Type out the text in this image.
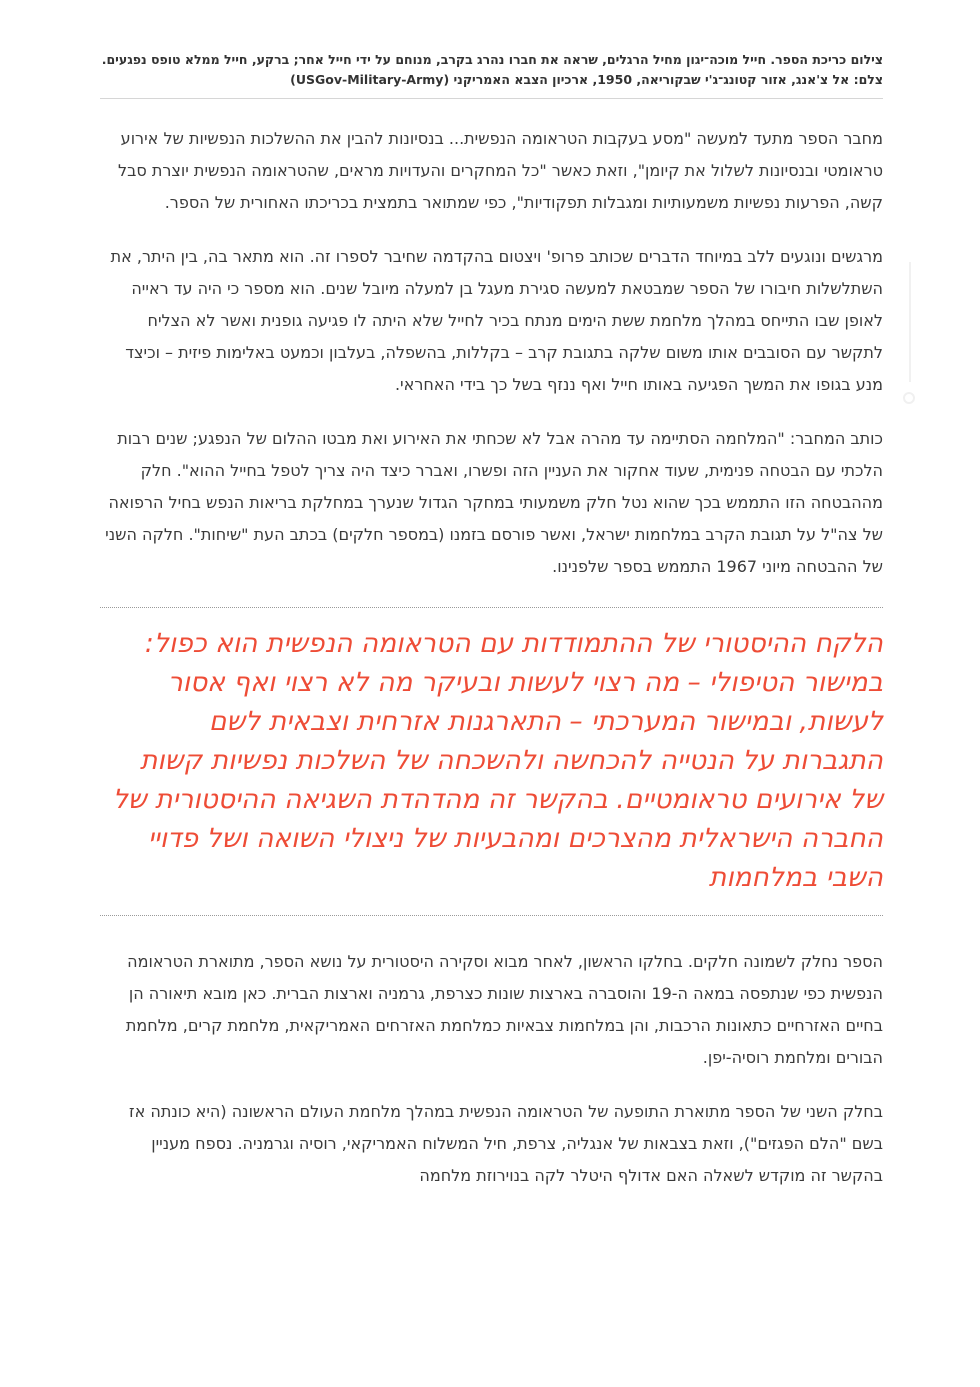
צילום כריכת הספר. חייל מוכה־יגון מחיל הרגלים, שראה את חברו נהרג בקרב, מנוחם על ידי חייל אחר; ברקע, חייל ממלא טופס נפגעים. צלם: אל צ'אנג, אזור קטונג־ג'י שבקוריאה, 1950, ארכיון הצבא האמריקני (USGov-Military-Army)

מחבר הספר מתעד למעשה "מסע בעקבות הטראומה הנפשית... בנסיונות להבין את ההשלכות הנפשיות של אירוע טראומטי ובנסיונות לשלול את קיומן", וזאת כאשר "כל המחקרים והעדויות מראים, שהטראומה הנפשית יוצרת סבל קשה, הפרעות נפשיות משמעותיות ומגבלות תפקודיות", כפי שמתואר בתמצית בכריכתו האחורית של הספר.

מרגשים ונוגעים ללב במיוחד הדברים שכותב פרופ' ויצטום בהקדמה שחיבר לספרו זה. הוא מתאר בה, בין היתר, את השתלשלות חיבורו של הספר שמבטאת למעשה סגירת מעגל בן למעלה מיובל שנים. הוא מספר כי היה עד ראייה לאופן שבו התייחס במהלך מלחמת ששת הימים מנתח בכיר לחייל שלא היתה לו פגיעה גופנית ואשר לא הצליח לתקשר עם הסובבים אותו משום שלקה בתגובת קרב – בקללות, בהשפלה, בעלבון וכמעט באלימות פיזית – וכיצד מנע בגופו את המשך הפגיעה באותו חייל ואף ננזף בשל כך בידי האחראי.

כותב המחבר: "המלחמה הסתיימה עד מהרה אבל לא שכחתי את האירוע ואת מבטו ההלום של הנפגע; שנים רבות הלכתי עם הבטחה פנימית, שעוד אחקור את העניין הזה ופשרו, ואברר כיצד היה צריך לטפל בחייל ההוא". חלק מההבטחה הזו התממש בכך שהוא נטל חלק משמעותי במחקר הגדול שנערך במחלקת בריאות הנפש בחיל הרפואה של צה"ל על תגובת הקרב במלחמות ישראל, ואשר פורסם בזמנו (במספר חלקים) בכתב העת "שיחות". חלקה השני של ההבטחה מיוני 1967 התממש בספר שלפנינו.

הלקח ההיסטורי של ההתמודדות עם הטראומה הנפשית הוא כפול: במישור הטיפולי – מה רצוי לעשות ובעיקר מה לא רצוי ואף אסור לעשות, ובמישור המערכתי – התארגנות אזרחית וצבאית לשם התגברות על הנטייה להכחשה ולהשכחה של השלכות נפשיות קשות של אירועים טראומטיים. בהקשר זה מהדהדת השגיאה ההיסטורית של החברה הישראלית מהצרכים ומהבעיות של ניצולי השואה ושל פדויי השבי במלחמות

הספר נחלק לשמונה חלקים. בחלקו הראשון, לאחר מבוא וסקירה היסטורית על נושא הספר, מתוארת הטראומה הנפשית כפי שנתפסה במאה ה-19 והוסברה בארצות שונות כצרפת, גרמניה וארצות הברית. כאן מובא תיאורה הן בחיים האזרחיים כתאונות הרכבות, והן במלחמות צבאיות כמלחמת האזרחים האמריקאית, מלחמת קרים, מלחמת הבורים ומלחמת רוסיה-יפן.

בחלק השני של הספר מתוארת התופעה של הטראומה הנפשית במהלך מלחמת העולם הראשונה (היא כונתה אז בשם "הלם הפגזים"), וזאת בצבאות של אנגליה, צרפת, חיל המשלוח האמריקאי, רוסיה וגרמניה. נספח מעניין בהקשר זה מוקדש לשאלה האם אדולף היטלר לקה בנוירוזת מלחמה
